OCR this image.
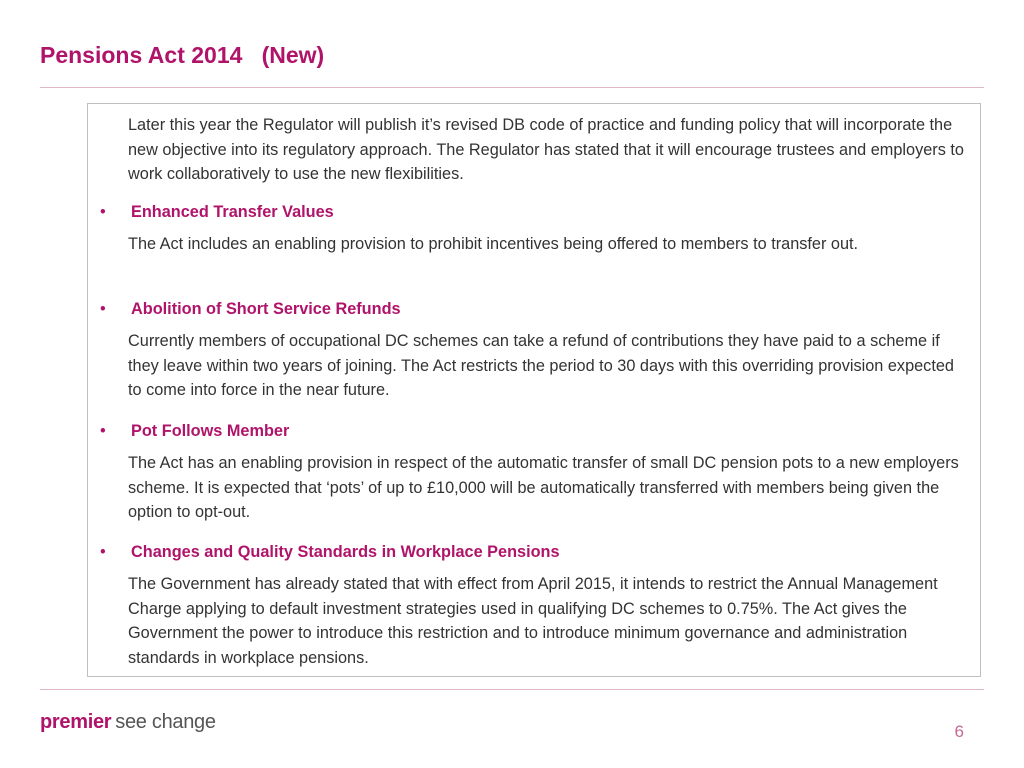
Pensions Act 2014   (New)

Later this year the Regulator will publish it’s revised DB code of practice and funding policy that will incorporate the new objective into its regulatory approach. The Regulator has stated that it will encourage trustees and employers to work collaboratively to use the new flexibilities.

• Enhanced Transfer Values

The Act includes an enabling provision to prohibit incentives being offered to members to transfer out.

• Abolition of Short Service Refunds

Currently members of occupational DC schemes can take a refund of contributions they have paid to a scheme if they leave within two years of joining. The Act restricts the period to 30 days with this overriding provision expected to come into force in the near future.

• Pot Follows Member

The Act has an enabling provision in respect of the automatic transfer of small DC pension pots to a new employers scheme. It is expected that ‘pots’ of up to £10,000 will be automatically transferred with members being given the option to opt-out.

• Changes and Quality Standards in Workplace Pensions

The Government has already stated that with effect from April 2015, it intends to restrict the Annual Management Charge applying to default investment strategies used in qualifying DC schemes to 0.75%. The Act gives the Government the power to introduce this restriction and to introduce minimum governance and administration standards in workplace pensions.

premier see change	6
